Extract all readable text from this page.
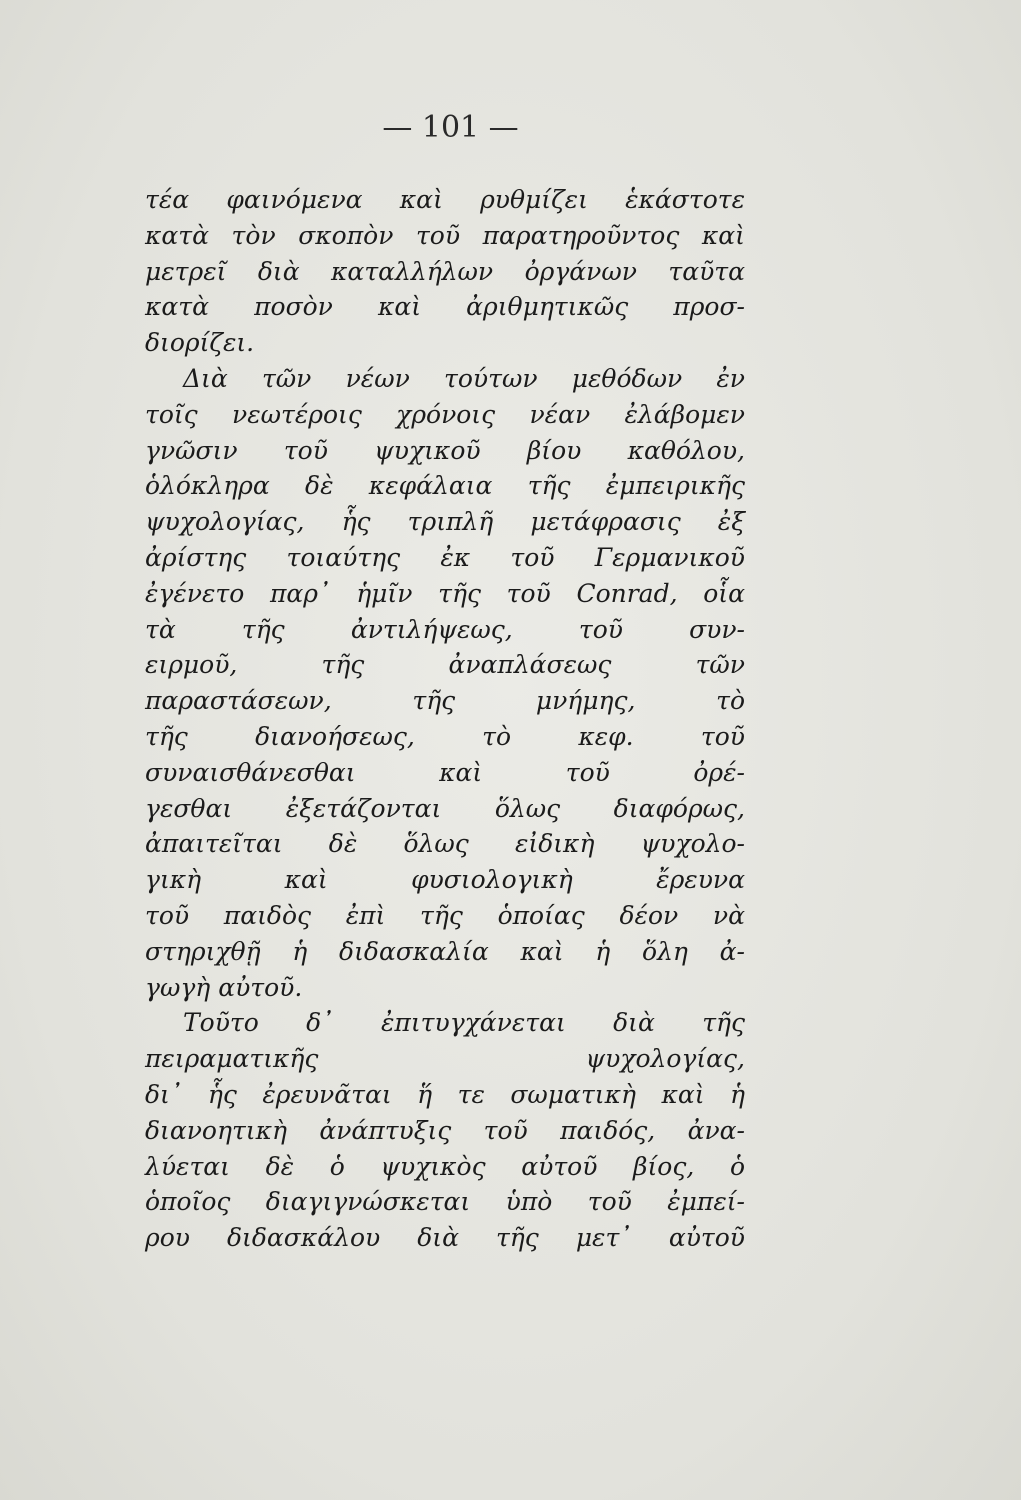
— 101 —
τέα φαινόμενα καὶ ρυθμίζει ἑκάστοτε
κατὰ τὸν σκοπὸν τοῦ παρατηροῦντος καὶ
μετρεῖ διὰ καταλλήλων ὀργάνων ταῦτα
κατὰ ποσὸν καὶ ἀριθμητικῶς προσ-
διορίζει.
Διὰ τῶν νέων τούτων μεθόδων ἐν
τοῖς νεωτέροις χρόνοις νέαν ἐλάβομεν
γνῶσιν τοῦ ψυχικοῦ βίου καθόλου,
ὁλόκληρα δὲ κεφάλαια τῆς ἐμπειρικῆς
ψυχολογίας, ἧς τριπλῆ μετάφρασις ἐξ
ἀρίστης τοιαύτης ἐκ τοῦ Γερμανικοῦ
ἐγένετο παρ᾽ ἡμῖν τῆς τοῦ Conrad, οἷα
τὰ τῆς ἀντιλήψεως, τοῦ συν-
ειρμοῦ, τῆς ἀναπλάσεως τῶν
παραστάσεων, τῆς μνήμης, τὸ
τῆς διανοήσεως, τὸ κεφ. τοῦ
συναισθάνεσθαι καὶ τοῦ ὀρέ-
γεσθαι ἐξετάζονται ὅλως διαφόρως,
ἀπαιτεῖται δὲ ὅλως εἰδικὴ ψυχολο-
γικὴ καὶ φυσιολογικὴ ἔρευνα
τοῦ παιδὸς ἐπὶ τῆς ὁποίας δέον νὰ
στηριχθῇ ἡ διδασκαλία καὶ ἡ ὅλη ἀ-
γωγὴ αὐτοῦ.
Τοῦτο δ᾽ ἐπιτυγχάνεται διὰ τῆς
πειραματικῆς ψυχολογίας,
δι᾽ ἧς ἐρευνᾶται ἥ τε σωματικὴ καὶ ἡ
διανοητικὴ ἀνάπτυξις τοῦ παιδός, ἀνα-
λύεται δὲ ὁ ψυχικὸς αὐτοῦ βίος, ὁ
ὁποῖος διαγιγνώσκεται ὑπὸ τοῦ ἐμπεί-
ρου διδασκάλου διὰ τῆς μετ᾽ αὐτοῦ
